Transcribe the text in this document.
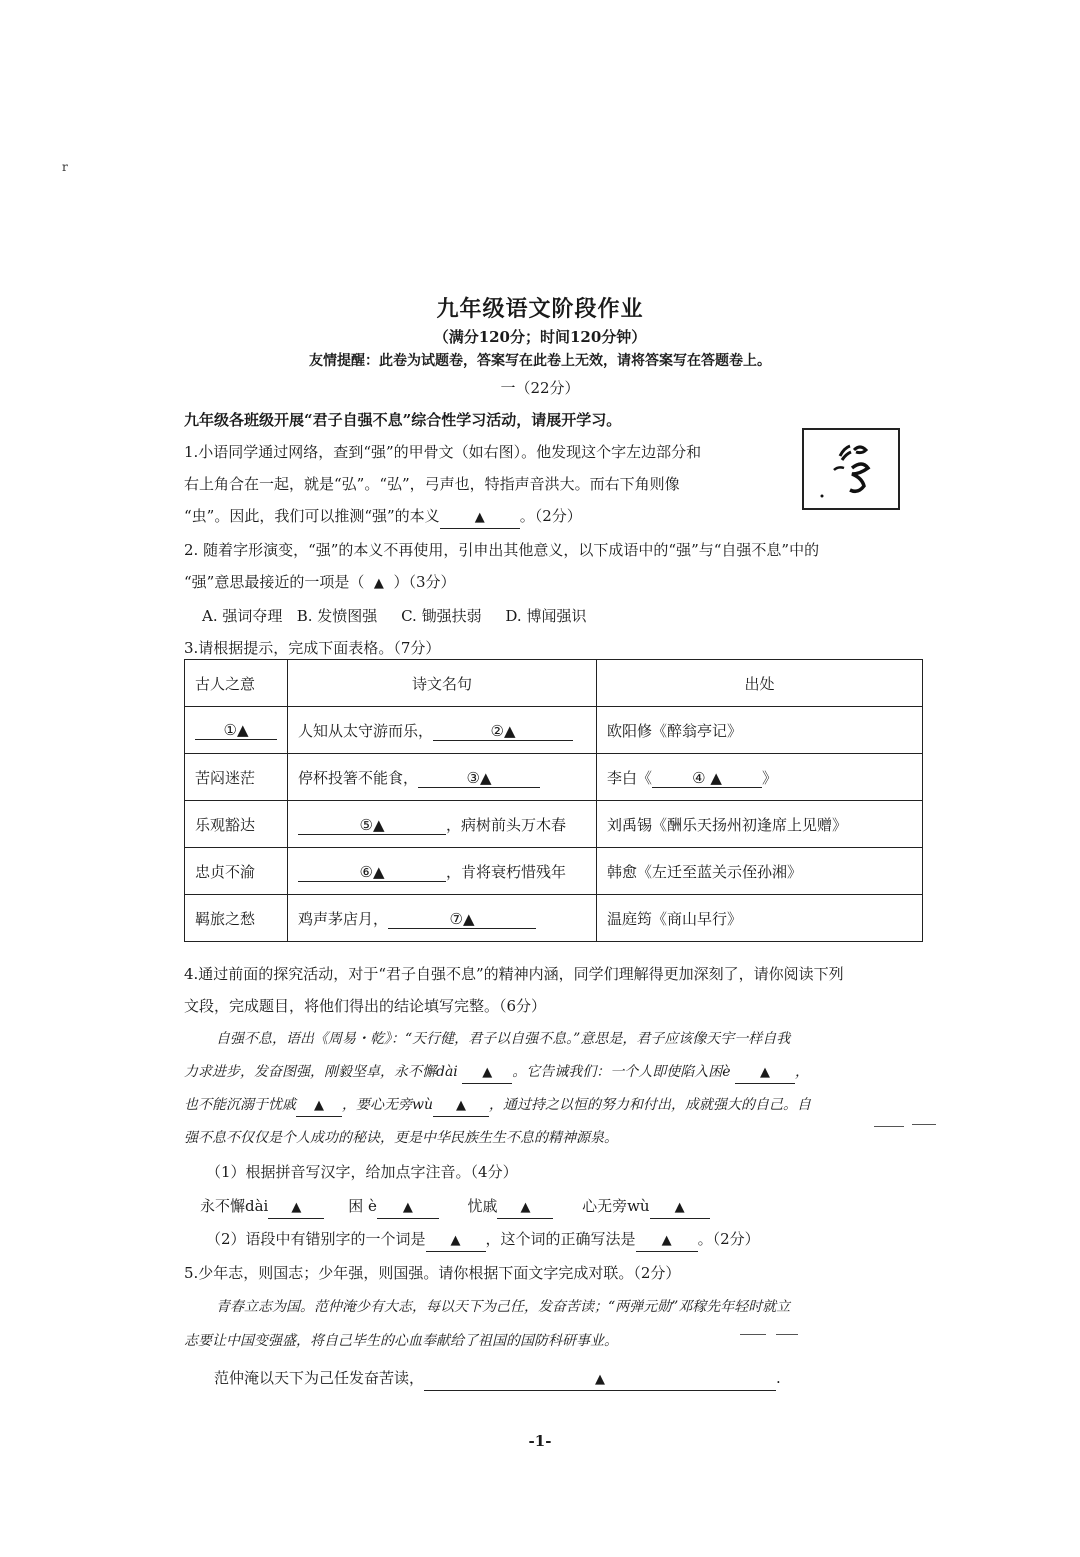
r
九年级语文阶段作业
（满分120分；时间120分钟）
友情提醒：此卷为试题卷，答案写在此卷上无效，请将答案写在答题卷上。
一（22分）
九年级各班级开展“君子自强不息”综合性学习活动，请展开学习。
1.小语同学通过网络，查到“强”的甲骨文（如右图）。他发现这个字左边部分和
右上角合在一起，就是“弘”。“弘”，弓声也，特指声音洪大。而右下角则像
“虫”。因此，我们可以推测“强”的本义	▲ 。（2分）
2. 随着字形演变，“强”的本义不再使用，引申出其他意义，以下成语中的“强”与“自强不息”中的
“强”意思最接近的一项是（ ▲ ）（3分）
A. 强词夺理 B. 发愤图强 C. 锄强扶弱 D. 博闻强识
3.请根据提示，完成下面表格。（7分）
古人之意	诗文名句	出处
①▲	人知从太守游而乐， ②▲	欧阳修《醉翁亭记》
苦闷迷茫	停杯投箸不能食， ③▲	李白《 ④ ▲ 》
乐观豁达	⑤▲ ，病树前头万木春	刘禹锡《酬乐天扬州初逢席上见赠》
忠贞不渝	⑥▲ ，肯将衰朽惜残年	韩愈《左迁至蓝关示侄孙湘》
羁旅之愁	鸡声茅店月， ⑦▲	温庭筠《商山早行》
4.通过前面的探究活动，对于“君子自强不息”的精神内涵，同学们理解得更加深刻了，请你阅读下列
文段，完成题目，将他们得出的结论填写完整。（6分）
自强不息，语出《周易・乾》：“天行健，君子以自强不息。”意思是，君子应该像天宇一样自我
力求进步，发奋图强，刚毅坚卓，永不懈dài ▲ 。它告诫我们：一个人即使陷入困è ▲ ，
也不能沉溺于忧戚 ▲ ，要心无旁wù ▲ ，通过持之以恒的努力和付出，成就强大的自己。自
强不息不仅仅是个人成功的秘诀，更是中华民族生生不息的精神源泉。
（1）根据拼音写汉字，给加点字注音。（4分）
永不懈dài ▲	困 è ▲	忧戚 ▲	心无旁wù ▲
（2）语段中有错别字的一个词是 ▲ ，这个词的正确写法是 ▲ 。（2分）
5.少年志，则国志；少年强，则国强。请你根据下面文字完成对联。（2分）
青春立志为国。范仲淹少有大志，每以天下为己任，发奋苦读；“两弹元勋”邓稼先年轻时就立
志要让中国变强盛，将自己毕生的心血奉献给了祖国的国防科研事业。
范仲淹以天下为己任发奋苦读，	▲	.
-1-
